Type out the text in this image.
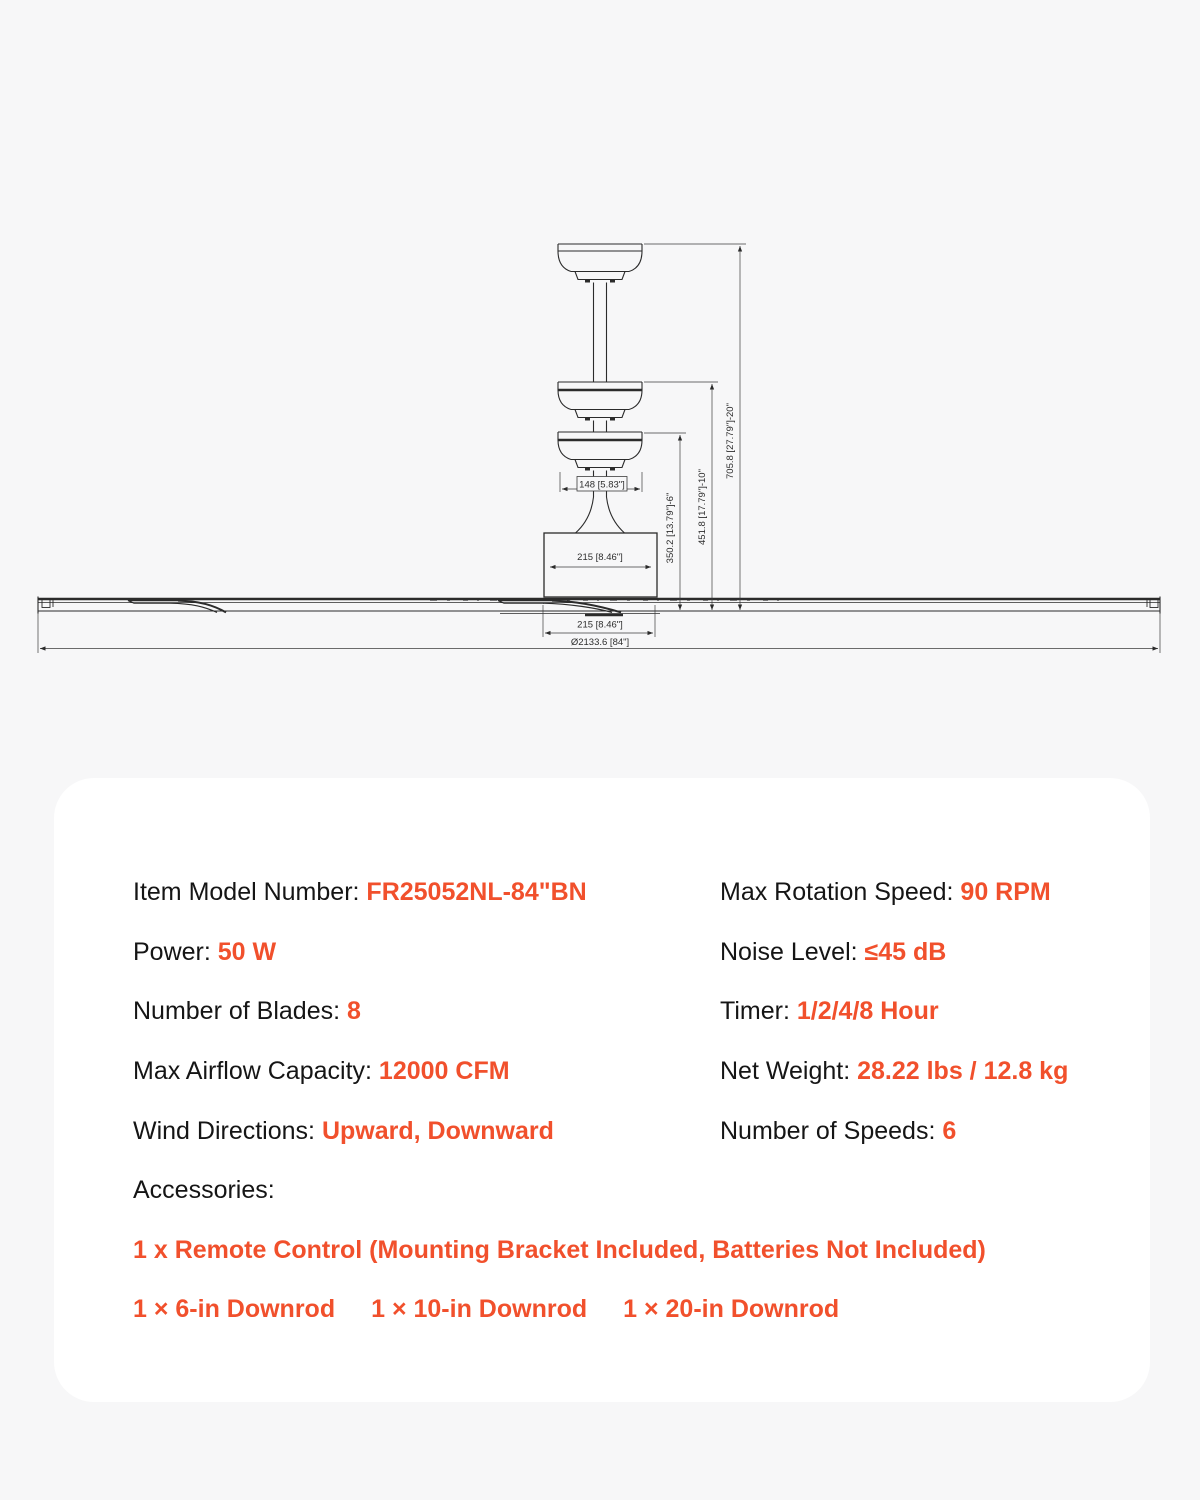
148 [5.83"]
215 [8.46"]
215 [8.46"]
Ø2133.6 [84"]
350.2 [13.79"]-6" 451.8 [17.79"]-10"
705.8 [27.79"]-20"
Item Model Number: FR25052NL-84"BN
Power: 50 W
Number of Blades: 8
Max Airflow Capacity: 12000 CFM
Wind Directions: Upward, Downward
Accessories:
1 x Remote Control (Mounting Bracket Included, Batteries Not Included)
1 × 6-in Downrod 1 × 10-in Downrod 1 × 20-in Downrod
Max Rotation Speed: 90 RPM
Noise Level: ≤45 dB
Timer: 1/2/4/8 Hour
Net Weight: 28.22 lbs / 12.8 kg
Number of Speeds: 6
